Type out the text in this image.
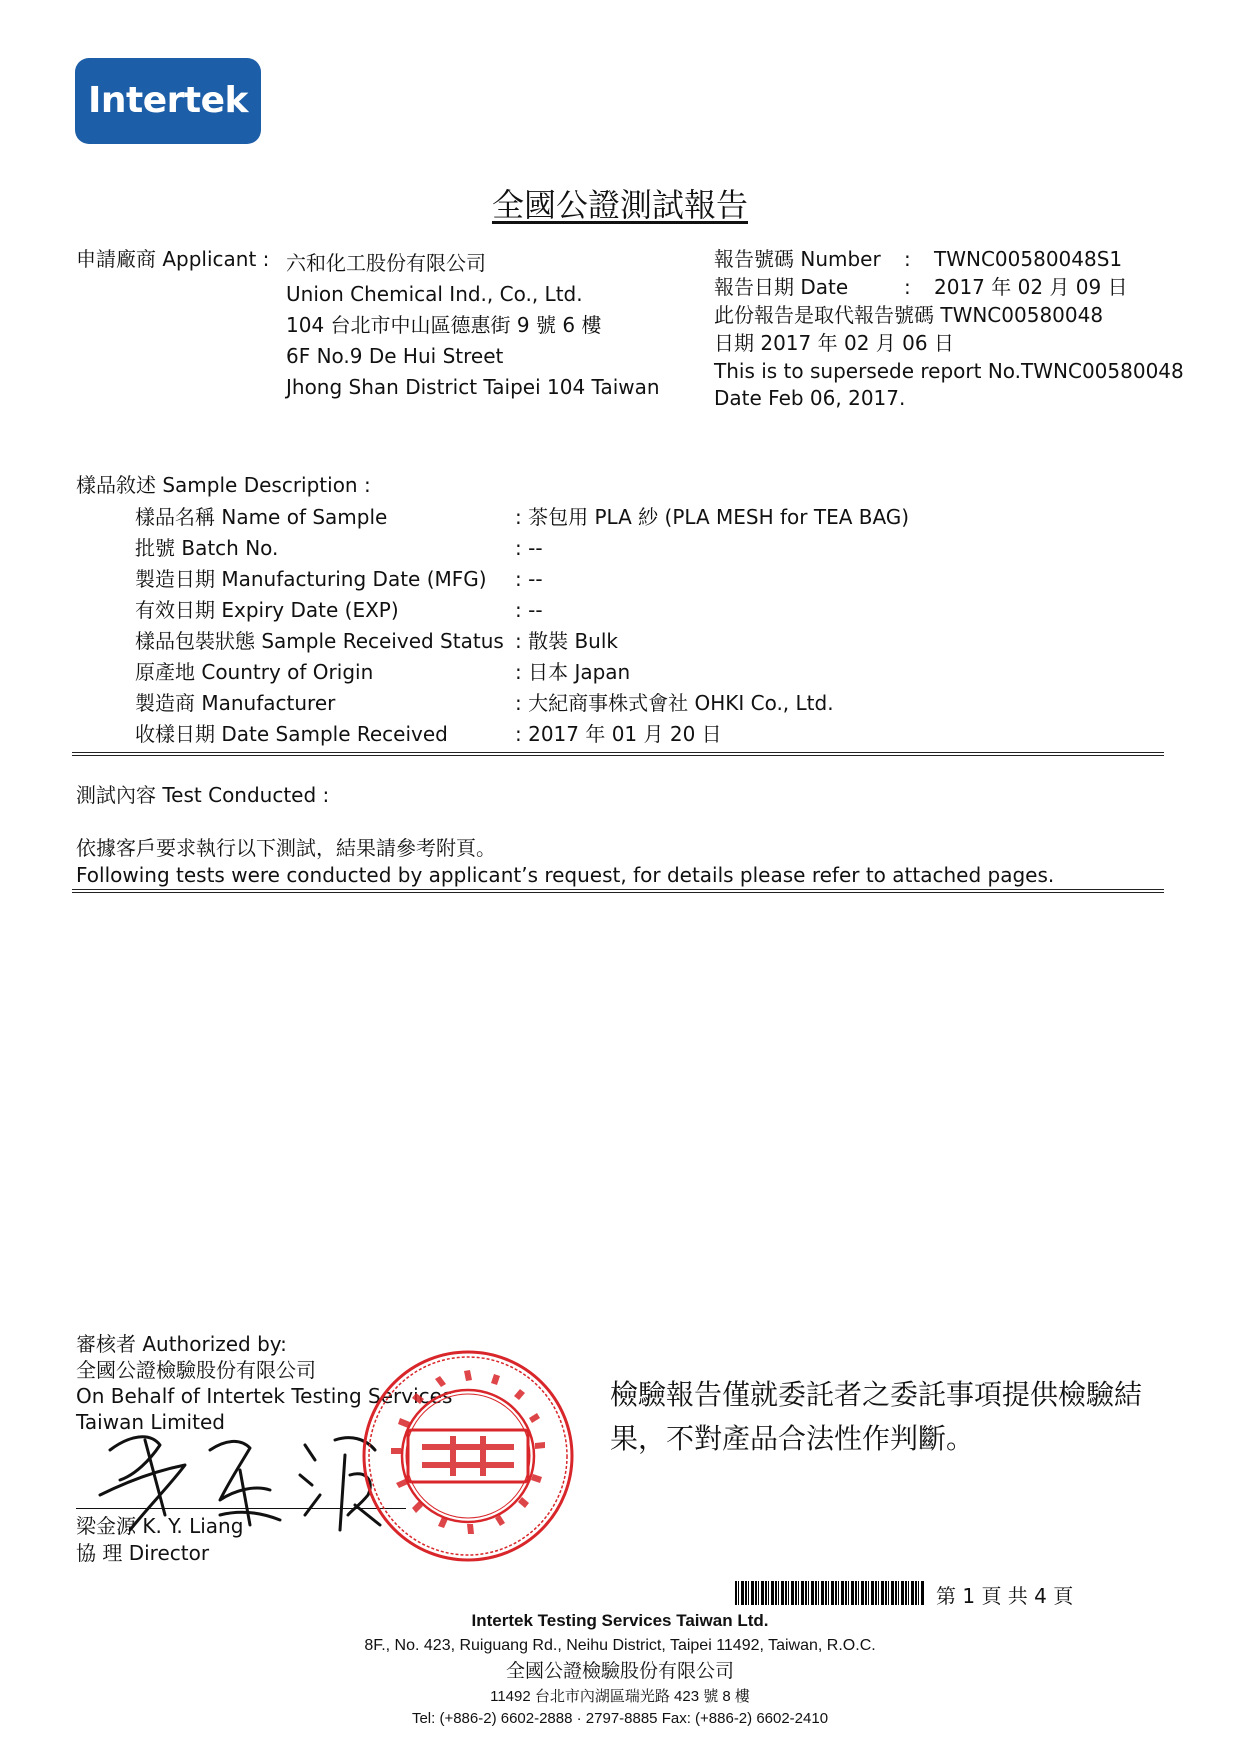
Intertek
全國公證測試報告
申請廠商 Applicant : 六和化工股份有限公司
Union Chemical Ind., Co., Ltd.
104 台北市中山區德惠街 9 號 6 樓
6F No.9 De Hui Street
Jhong Shan District Taipei 104 Taiwan
報告號碼 Number : TWNC00580048S1
報告日期 Date	: 2017 年 02 月 09 日
此份報告是取代報告號碼 TWNC00580048
日期 2017 年 02 月 06 日
This is to supersede report No.TWNC00580048
Date Feb 06, 2017.
樣品敘述 Sample Description :
樣品名稱 Name of Sample	: 茶包用 PLA 紗 (PLA MESH for TEA BAG)
批號 Batch No.	: --
製造日期 Manufacturing Date (MFG) : --
有效日期 Expiry Date (EXP)	: --
樣品包裝狀態 Sample Received Status : 散裝 Bulk
原產地 Country of Origin	: 日本 Japan
製造商 Manufacturer	: 大紀商事株式會社 OHKI Co., Ltd.
收樣日期 Date Sample Received	: 2017 年 01 月 20 日
測試內容 Test Conducted :
依據客戶要求執行以下測試，結果請參考附頁。
Following tests were conducted by applicant’s request, for details please refer to attached pages.
審核者 Authorized by:
全國公證檢驗股份有限公司
On Behalf of Intertek Testing Services
Taiwan Limited
梁金源 K. Y. Liang
協 理 Director
檢驗報告僅就委託者之委託事項提供檢驗結果，不對產品合法性作判斷。
第 1 頁 共 4 頁
Intertek Testing Services Taiwan Ltd.
8F., No. 423, Ruiguang Rd., Neihu District, Taipei 11492, Taiwan, R.O.C.
全國公證檢驗股份有限公司
11492 台北市內湖區瑞光路 423 號 8 樓
Tel: (+886-2) 6602-2888 · 2797-8885 Fax: (+886-2) 6602-2410
